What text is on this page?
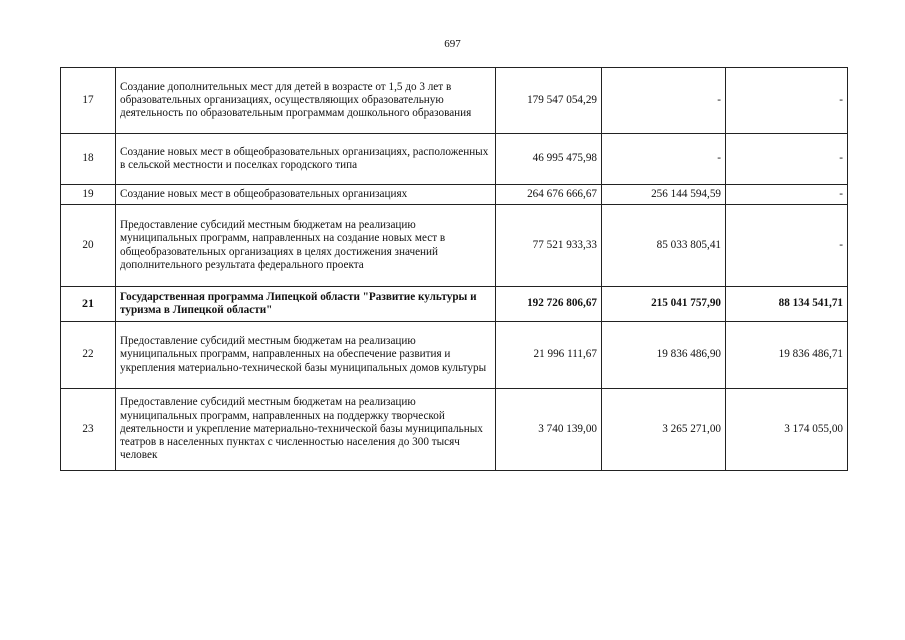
697
17	Создание дополнительных мест для детей в возрасте от 1,5 до 3 лет в образовательных организациях, осуществляющих образовательную деятельность по образовательным программам дошкольного образования	179 547 054,29	-	-
18	Создание новых мест в общеобразовательных организациях, расположенных в сельской местности и поселках городского типа	46 995 475,98	-	-
19	Создание новых мест в общеобразовательных организациях	264 676 666,67	256 144 594,59	-
20	Предоставление субсидий местным бюджетам на реализацию муниципальных программ, направленных на создание новых мест в общеобразовательных организациях в целях достижения значений дополнительного результата федерального проекта	77 521 933,33	85 033 805,41	-
21	Государственная программа Липецкой области "Развитие культуры и туризма в Липецкой области"	192 726 806,67	215 041 757,90	88 134 541,71
22	Предоставление субсидий местным бюджетам на реализацию муниципальных программ, направленных на обеспечение развития и укрепления материально-технической базы муниципальных домов культуры	21 996 111,67	19 836 486,90	19 836 486,71
23	Предоставление субсидий местным бюджетам на реализацию муниципальных программ, направленных на поддержку творческой деятельности и укрепление материально-технической базы муниципальных театров в населенных пунктах с численностью населения до 300 тысяч человек	3 740 139,00	3 265 271,00	3 174 055,00
